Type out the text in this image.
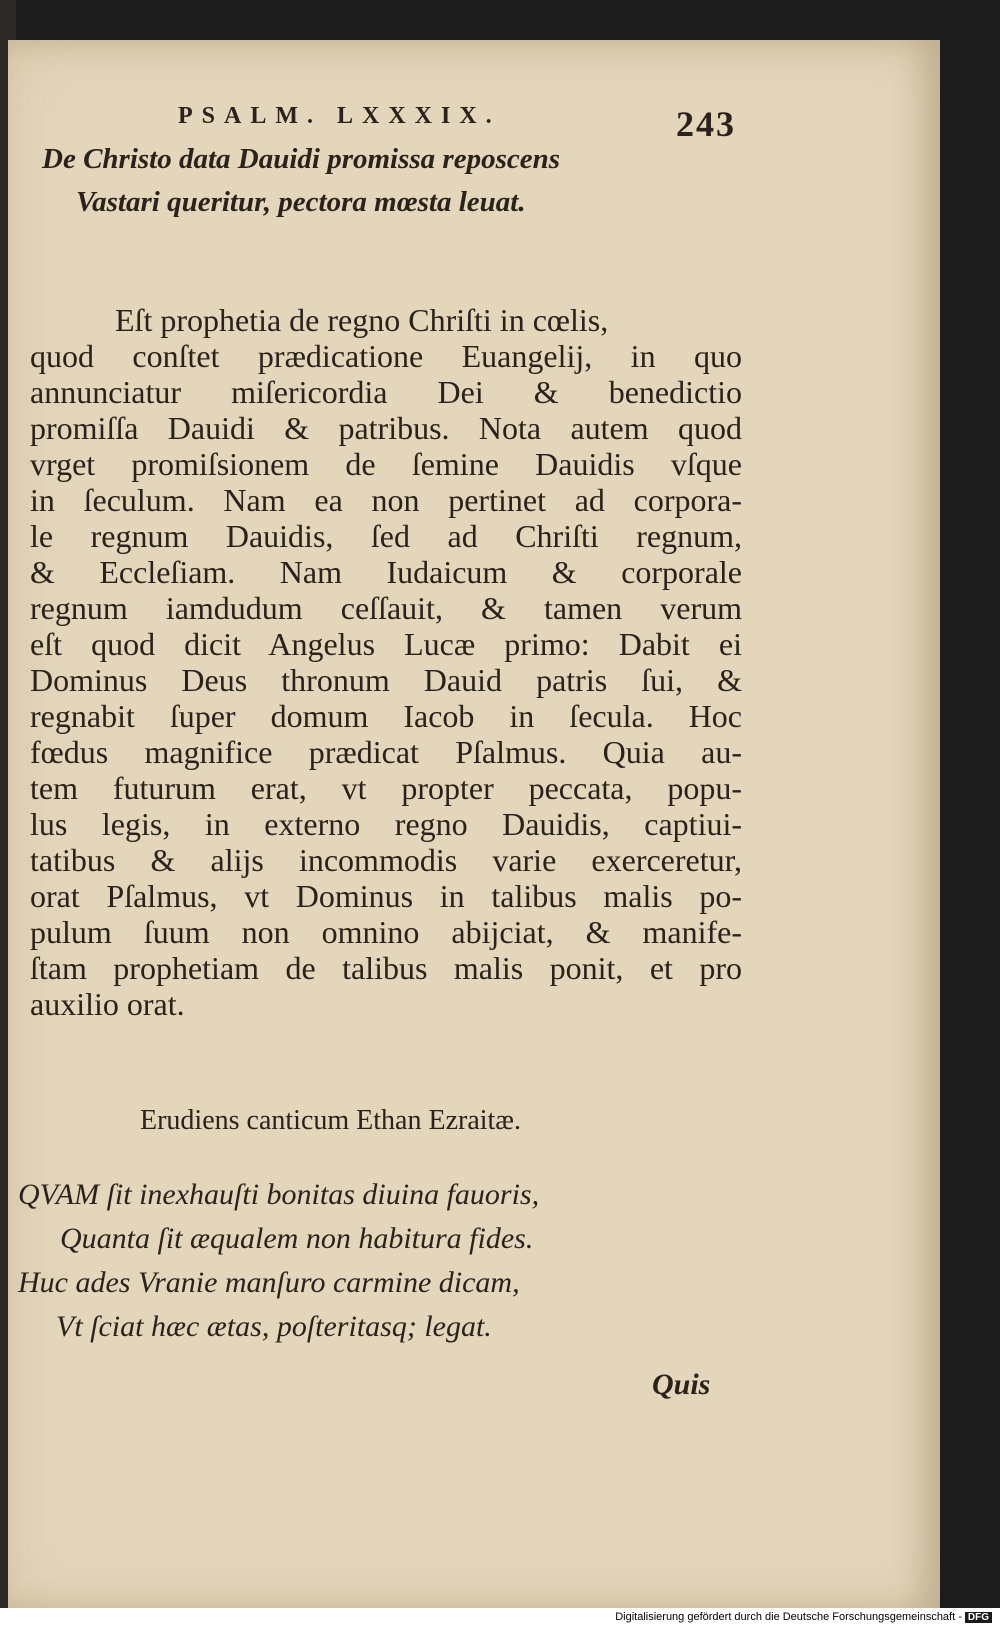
PSALM. LXXXIX.	243
De Christo data Dauidi promissa reposcens
Vastari queritur, pectora mœsta leuat.
Eſt prophetia de regno Chriſti in cœlis,
quod conſtet prædicatione Euangelij, in quo
annunciatur miſericordia Dei & benedictio
promiſſa Dauidi & patribus. Nota autem quod
vrget promiſsionem de ſemine Dauidis vſque
in ſeculum. Nam ea non pertinet ad corpora-
le regnum Dauidis, ſed ad Chriſti regnum,
& Eccleſiam. Nam Iudaicum & corporale
regnum iamdudum ceſſauit, & tamen verum
eſt quod dicit Angelus Lucæ primo: Dabit ei
Dominus Deus thronum Dauid patris ſui, &
regnabit ſuper domum Iacob in ſecula. Hoc
fœdus magnifice prædicat Pſalmus. Quia au-
tem futurum erat, vt propter peccata, popu-
lus legis, in externo regno Dauidis, captiui-
tatibus & alijs incommodis varie exerceretur,
orat Pſalmus, vt Dominus in talibus malis po-
pulum ſuum non omnino abijciat, & manife-
ſtam prophetiam de talibus malis ponit, et pro
auxilio orat.
Erudiens canticum Ethan Ezraitæ.
QVAM ſit inexhauſti bonitas diuina fauoris,
Quanta ſit æqualem non habitura fides.
Huc ades Vranie manſuro carmine dicam,
Vt ſciat hæc ætas, poſteritasq; legat.
Quis
Digitalisierung gefördert durch die Deutsche Forschungsgemeinschaft - DFG
